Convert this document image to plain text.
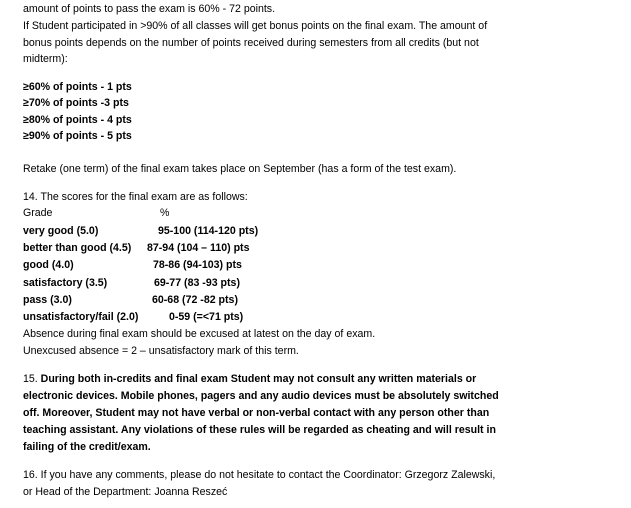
amount of points to pass the exam is 60% - 72 points.

If Student participated in >90% of all classes will get bonus points on the final exam. The amount of

bonus points depends on the number of points received during semesters from all credits (but not

midterm):

≥60% of points - 1 pts

≥70% of points -3 pts

≥80% of points - 4 pts

≥90% of points - 5 pts

Retake (one term) of the final exam takes place on September (has a form of the test exam).

14. The scores for the final exam are as follows:

Grade	%

very good (5.0)	95-100 (114-120 pts)

better than good (4.5) 87-94 (104 – 110) pts

good (4.0)	78-86 (94-103) pts

satisfactory (3.5)	69-77 (83 -93 pts)

pass (3.0)	60-68 (72 -82 pts)

unsatisfactory/fail (2.0)	0-59 (=<71 pts)

Absence during final exam should be excused at latest on the day of exam.

Unexcused absence = 2 – unsatisfactory mark of this term.

15. During both in-credits and final exam Student may not consult any written materials or

electronic devices. Mobile phones, pagers and any audio devices must be absolutely switched

off. Moreover, Student may not have verbal or non-verbal contact with any person other than

teaching assistant. Any violations of these rules will be regarded as cheating and will result in

failing of the credit/exam.

16. If you have any comments, please do not hesitate to contact the Coordinator: Grzegorz Zalewski,

or Head of the Department: Joanna Reszeć
